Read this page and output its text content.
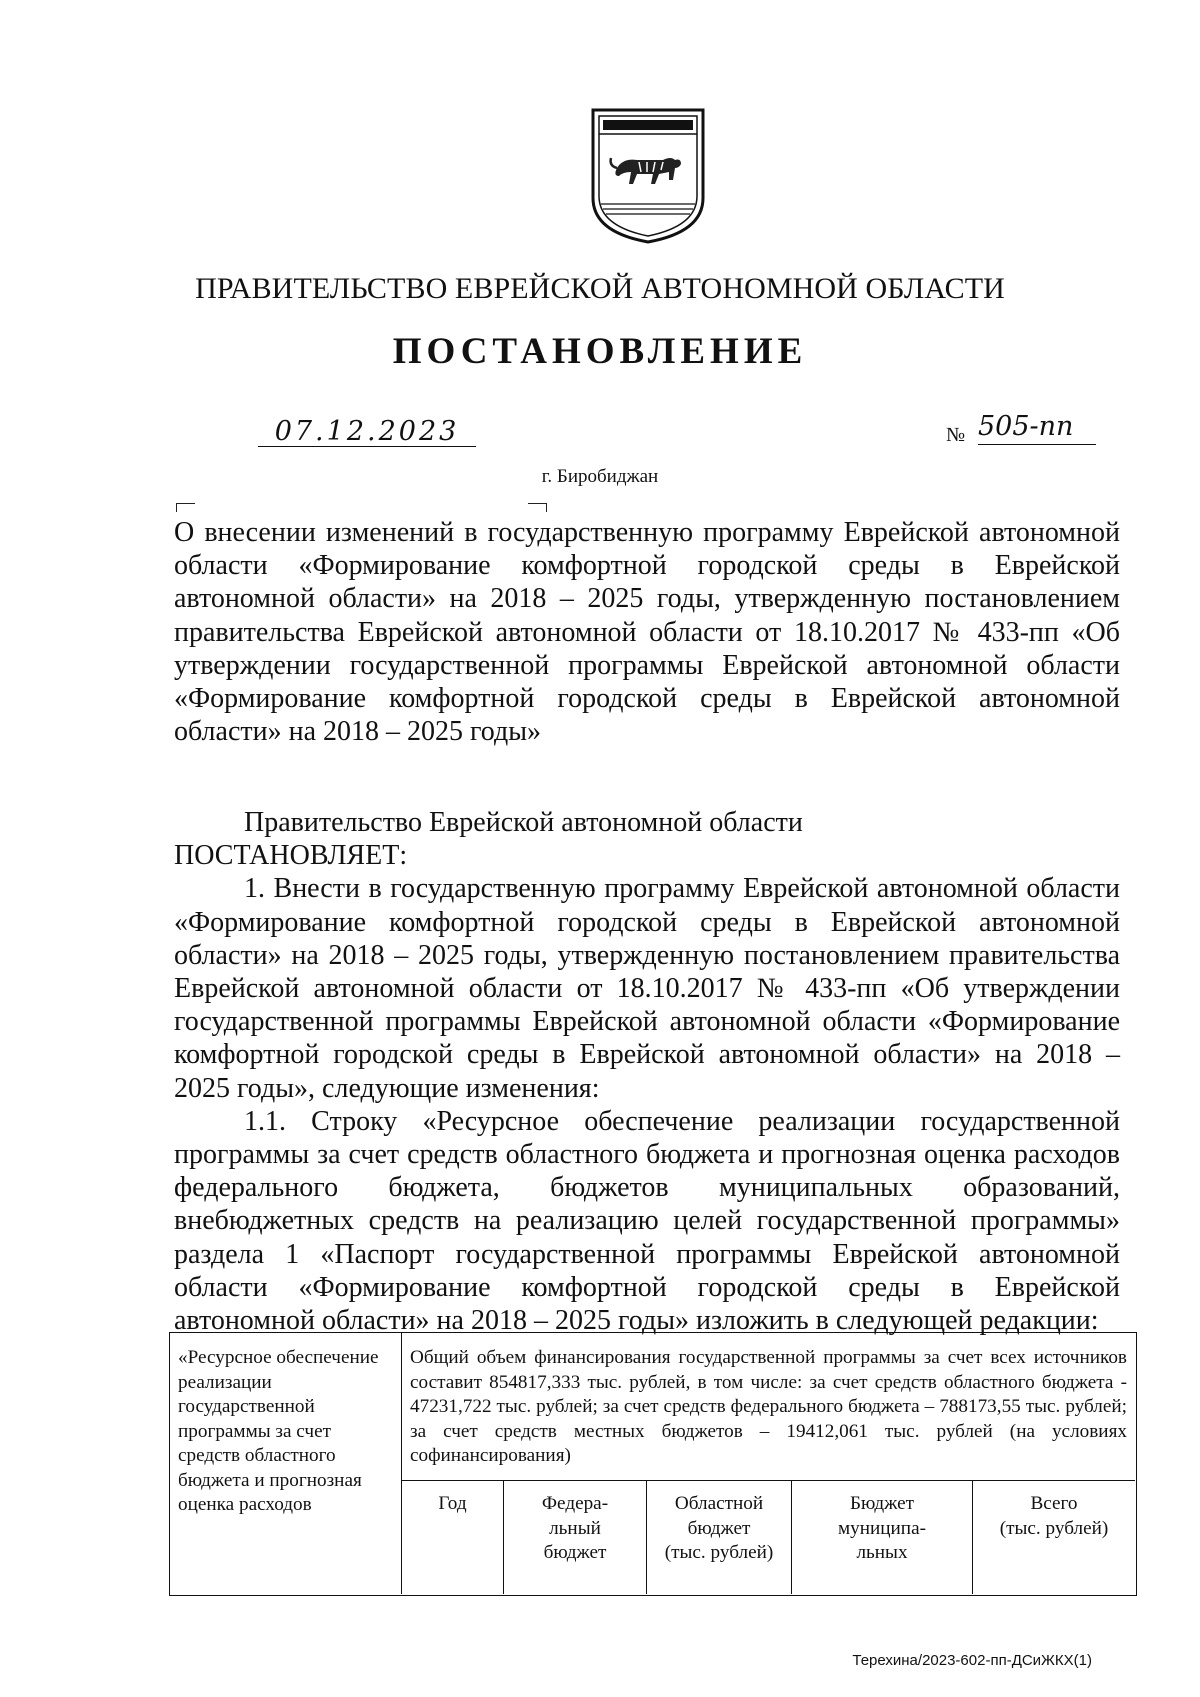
ПРАВИТЕЛЬСТВО ЕВРЕЙСКОЙ АВТОНОМНОЙ ОБЛАСТИ
ПОСТАНОВЛЕНИЕ
07.12.2023	№ 505-пп
г. Биробиджан
О внесении изменений в государственную программу Еврейской автономной области «Формирование комфортной городской среды в Еврейской автономной области» на 2018 – 2025 годы, утвержденную постановлением правительства Еврейской автономной области от 18.10.2017 № 433-пп «Об утверждении государственной программы Еврейской автономной области «Формирование комфортной городской среды в Еврейской автономной области» на 2018 – 2025 годы»

Правительство Еврейской автономной области

ПОСТАНОВЛЯЕТ:

1. Внести в государственную программу Еврейской автономной области «Формирование комфортной городской среды в Еврейской автономной области» на 2018 – 2025 годы, утвержденную постановлением правительства Еврейской автономной области от 18.10.2017 № 433-пп «Об утверждении государственной программы Еврейской автономной области «Формирование комфортной городской среды в Еврейской автономной области» на 2018 – 2025 годы», следующие изменения:

1.1. Строку «Ресурсное обеспечение реализации государственной программы за счет средств областного бюджета и прогнозная оценка расходов федерального бюджета, бюджетов муниципальных образований, внебюджетных средств на реализацию целей государственной программы» раздела 1 «Паспорт государственной программы Еврейской автономной области «Формирование комфортной городской среды в Еврейской автономной области» на 2018 – 2025 годы» изложить в следующей редакции:

«Ресурсное обеспечение реализации государственной программы за счет средств областного бюджета и прогнозная оценка расходов
Общий объем финансирования государственной программы за счет всех источников составит 854817,333 тыс. рублей, в том числе: за счет средств областного бюджета - 47231,722 тыс. рублей; за счет средств федерального бюджета – 788173,55 тыс. рублей; за счет средств местных бюджетов – 19412,061 тыс. рублей (на условиях софинансирования)
Год	Федера-
льный
бюджет
Областной
бюджет
(тыс. рублей)
Бюджет
муниципа-
льных
Всего
(тыс. рублей)
Терехина/2023-602-пп-ДСиЖКХ(1)
